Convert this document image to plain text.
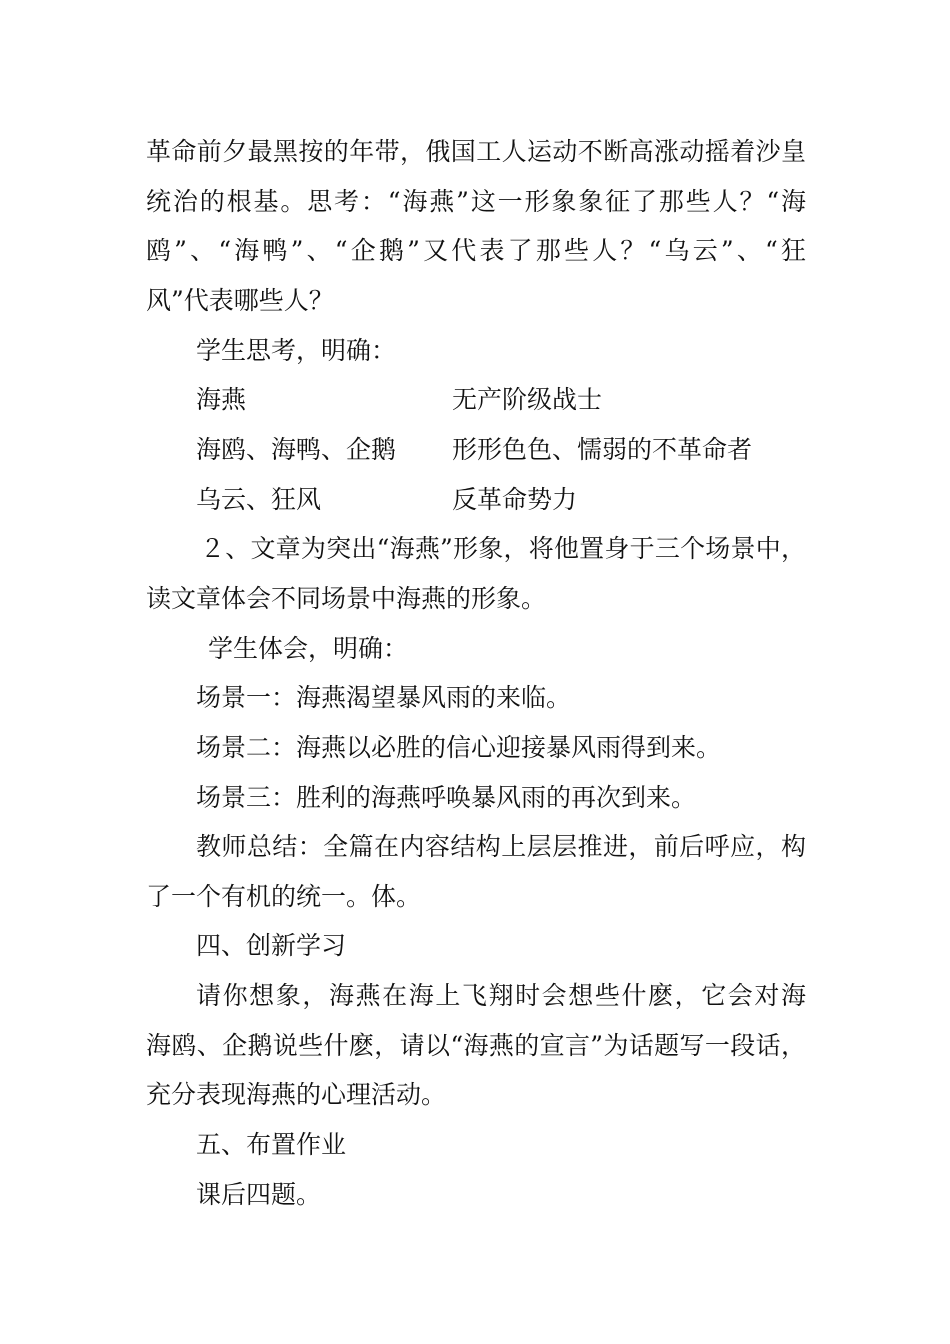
革命前夕最黑按的年带，俄国工人运动不断高涨动摇着沙皇
统治的根基。思考：“海燕”这一形象象征了那些人？“海
鸥”、“海鸭”、“企鹅”又代表了那些人？“乌云”、“狂
风”代表哪些人？
学生思考，明确：
海燕	无产阶级战士
海鸥、海鸭、企鹅	形形色色、懦弱的不革命者
乌云、狂风	反革命势力
２、文章为突出“海燕”形象，将他置身于三个场景中，
读文章体会不同场景中海燕的形象。
学生体会，明确：
场景一：海燕渴望暴风雨的来临。
场景二：海燕以必胜的信心迎接暴风雨得到来。
场景三：胜利的海燕呼唤暴风雨的再次到来。
教师总结：全篇在内容结构上层层推进，前后呼应，构
了一个有机的统一。体。
四、创新学习
请你想象，海燕在海上飞翔时会想些什麽，它会对海
海鸥、企鹅说些什麽，请以“海燕的宣言”为话题写一段话，
充分表现海燕的心理活动。
五、布置作业
课后四题。
